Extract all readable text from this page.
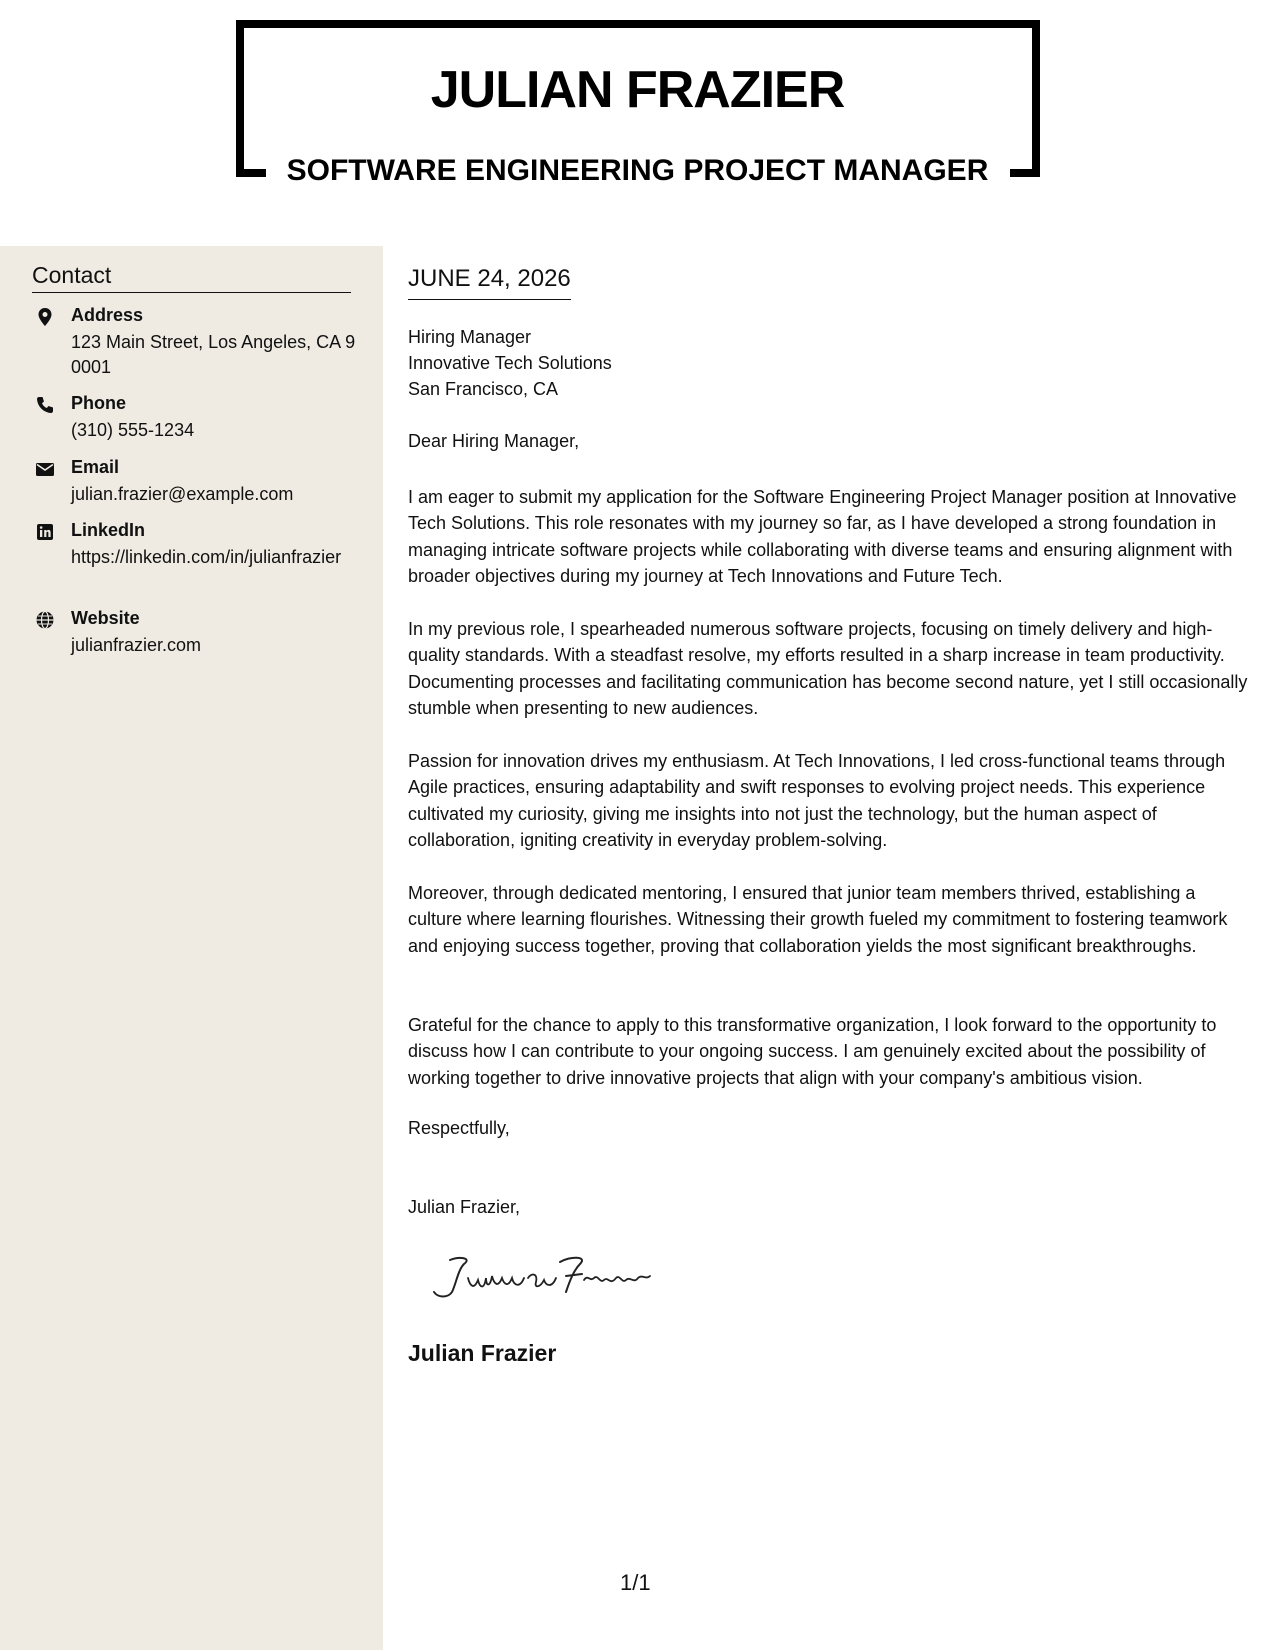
JULIAN FRAZIER
SOFTWARE ENGINEERING PROJECT MANAGER
Contact
Address
123 Main Street, Los Angeles, CA 90001
Phone
(310) 555-1234
Email
julian.frazier@example.com
LinkedIn
https://linkedin.com/in/julianfrazier
Website
julianfrazier.com
JUNE 24, 2026
Hiring Manager
Innovative Tech Solutions
San Francisco, CA
Dear Hiring Manager,
I am eager to submit my application for the Software Engineering Project Manager position at Innovative Tech Solutions. This role resonates with my journey so far, as I have developed a strong foundation in managing intricate software projects while collaborating with diverse teams and ensuring alignment with broader objectives during my journey at Tech Innovations and Future Tech.
In my previous role, I spearheaded numerous software projects, focusing on timely delivery and high-quality standards. With a steadfast resolve, my efforts resulted in a sharp increase in team productivity. Documenting processes and facilitating communication has become second nature, yet I still occasionally stumble when presenting to new audiences.
Passion for innovation drives my enthusiasm. At Tech Innovations, I led cross-functional teams through Agile practices, ensuring adaptability and swift responses to evolving project needs. This experience cultivated my curiosity, giving me insights into not just the technology, but the human aspect of collaboration, igniting creativity in everyday problem-solving.
Moreover, through dedicated mentoring, I ensured that junior team members thrived, establishing a culture where learning flourishes. Witnessing their growth fueled my commitment to fostering teamwork and enjoying success together, proving that collaboration yields the most significant breakthroughs.
Grateful for the chance to apply to this transformative organization, I look forward to the opportunity to discuss how I can contribute to your ongoing success. I am genuinely excited about the possibility of working together to drive innovative projects that align with your company's ambitious vision.
Respectfully,
Julian Frazier,
Julian Frazier
1/1
